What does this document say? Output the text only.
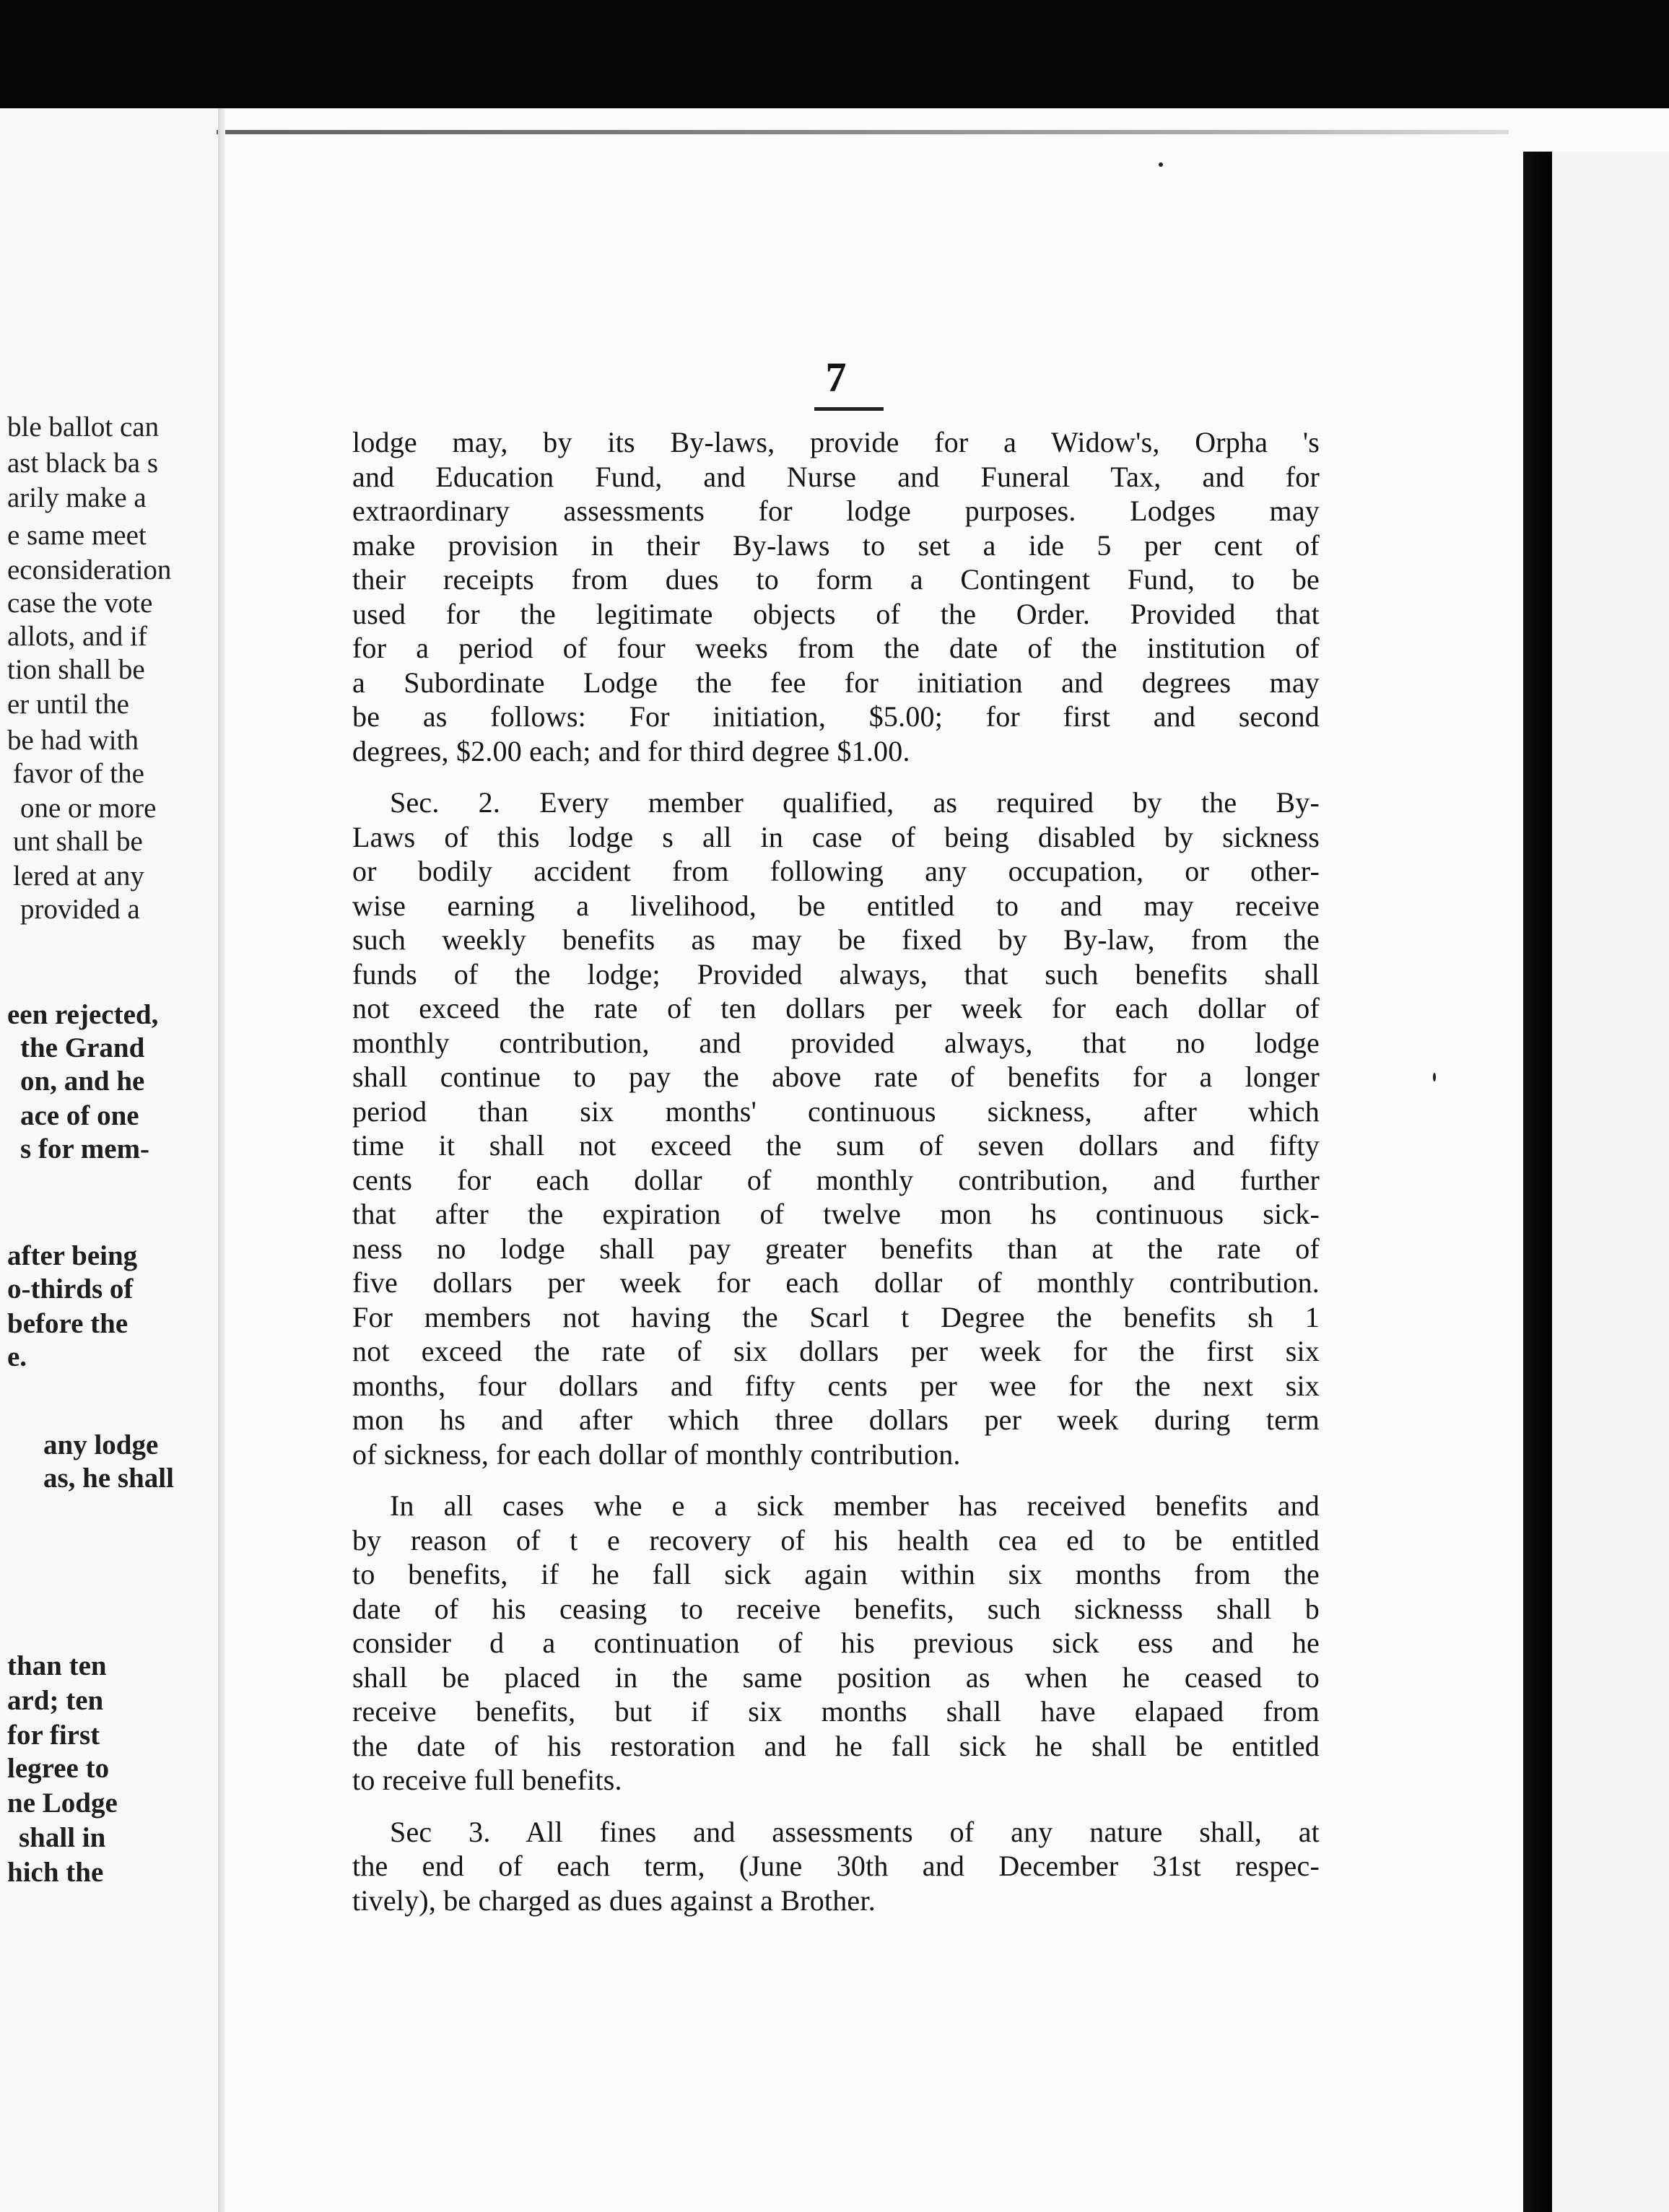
ble ballot can
ast black ba s
arily make a
e same meet
econsideration
case the vote
allots, and if
tion shall be
er until the
be had with
favor of the
one or more
unt shall be
lered at any
provided a
een rejected,
the Grand
on, and he
ace of one
s for mem-
after being
o-thirds of
before the
e.
any lodge
as, he shall
than ten
ard; ten
for first
legree to
ne Lodge
shall in
hich the
7
lodge may, by its By-laws, provide for a Widow's, Orpha 's
and Education Fund, and Nurse and Funeral Tax, and for
extraordinary assessments for lodge purposes. Lodges may
make provision in their By-laws to set a ide 5 per cent of
their receipts from dues to form a Contingent Fund, to be
used for the legitimate objects of the Order. Provided that
for a period of four weeks from the date of the institution of
a Subordinate Lodge the fee for initiation and degrees may
be as follows: For initiation, $5.00; for first and second
degrees, $2.00 each; and for third degree $1.00.
Sec. 2. Every member qualified, as required by the By-
Laws of this lodge s all in case of being disabled by sickness
or bodily accident from following any occupation, or other-
wise earning a livelihood, be entitled to and may receive
such weekly benefits as may be fixed by By-law, from the
funds of the lodge; Provided always, that such benefits shall
not exceed the rate of ten dollars per week for each dollar of
monthly contribution, and provided always, that no lodge
shall continue to pay the above rate of benefits for a longer
period than six months' continuous sickness, after which
time it shall not exceed the sum of seven dollars and fifty
cents for each dollar of monthly contribution, and further
that after the expiration of twelve mon hs continuous sick-
ness no lodge shall pay greater benefits than at the rate of
five dollars per week for each dollar of monthly contribution.
For members not having the Scarl t Degree the benefits sh 1
not exceed the rate of six dollars per week for the first six
months, four dollars and fifty cents per wee for the next six
mon hs and after which three dollars per week during term
of sickness, for each dollar of monthly contribution.
In all cases whe e a sick member has received benefits and
by reason of t e recovery of his health cea ed to be entitled
to benefits, if he fall sick again within six months from the
date of his ceasing to receive benefits, such sicknesss shall b
consider d a continuation of his previous sick ess and he
shall be placed in the same position as when he ceased to
receive benefits, but if six months shall have elapaed from
the date of his restoration and he fall sick he shall be entitled
to receive full benefits.
Sec 3. All fines and assessments of any nature shall, at
the end of each term, (June 30th and December 31st respec-
tively), be charged as dues against a Brother.
